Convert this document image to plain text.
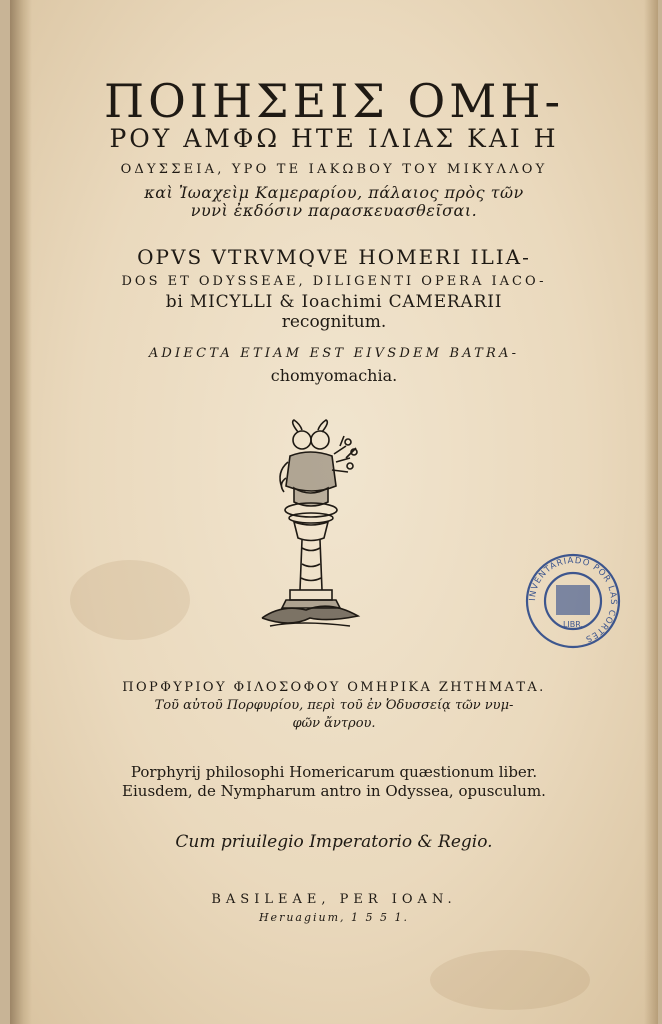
ΠΟΙΗΣΕΙΣ ΟΜΗ-
ΡΟΥ ΑΜΦΩ ΗΤΕ ΙΛΙΑΣ ΚΑΙ Η
ΟΔΥΣΣΕΙΑ, ΥΡΟ ΤΕ ΙΑΚΩΒΟΥ ΤΟΥ ΜΙΚΥΛΛΟΥ
καὶ Ἰωαχεὶμ Καμεραρίου, πάλαιος πρὸς τῶν
νυνὶ ἐκδόσιν παρασκευασθεῖσαι.
OPVS VTRVMQVE HOMERI ILIA-
DOS ET ODYSSEAE, DILIGENTI OPERA IACO-
bi MICYLLI & Ioachimi CAMERARII
recognitum.
ADIECTA ETIAM EST EIVSDEM BATRA-
chomyomachia.
INVENTARIADO POR LAS CORTES
LIBR.
ΠΟΡΦΥΡΙΟΥ ΦΙΛΟΣΟΦΟΥ ΟΜΗΡΙΚΑ ΖΗΤΗΜΑΤΑ.
Τοῦ αὐτοῦ Πορφυρίου, περὶ τοῦ ἐν Ὀδυσσείᾳ τῶν νυμ-
φῶν ἄντρου.
Porphyrij philosophi Homericarum quæstionum liber.
Eiusdem, de Nympharum antro in Odyssea, opusculum.
Cum priuilegio Imperatorio & Regio.
BASILEAE, PER IOAN.
Heruagium, 1 5 5 1.
